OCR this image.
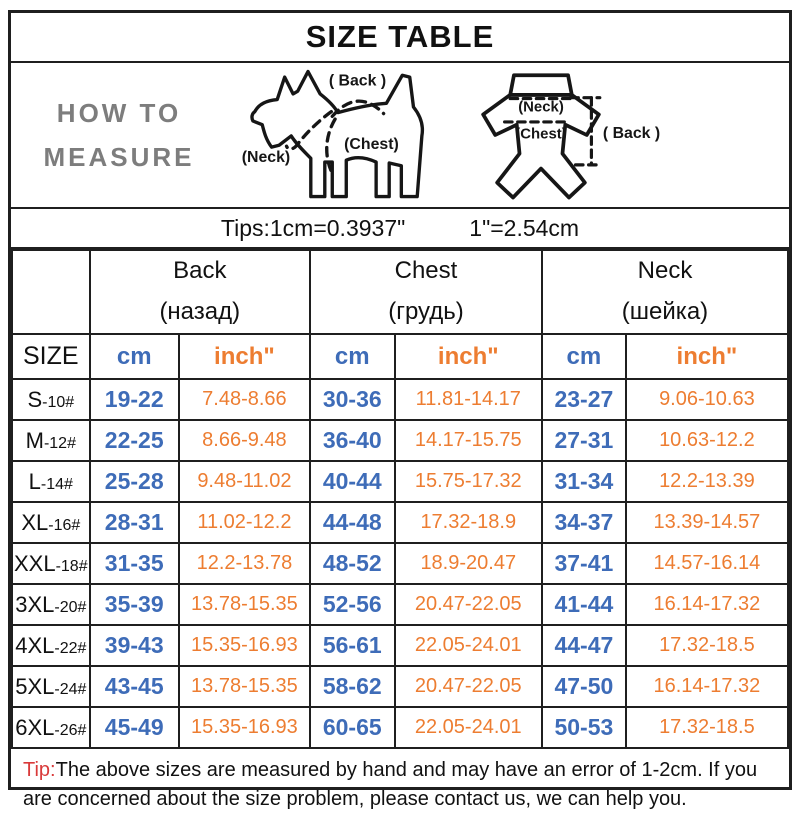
SIZE TABLE
HOW TO
MEASURE
( Back )
(Chest)
(Neck)
(Neck)
(Chest) ( Back )
Tips:1cm=0.3937"	1"=2.54cm

Back
(назад)

Chest
(грудь)

Neck
(шейка)

SIZE	cm	inch"	cm	inch"	cm	inch"
S-10#	19-22	7.48-8.66	30-36	11.81-14.17	23-27	9.06-10.63
M-12#	22-25	8.66-9.48	36-40	14.17-15.75	27-31	10.63-12.2
L-14#	25-28	9.48-11.02	40-44	15.75-17.32	31-34	12.2-13.39
XL-16#	28-31	11.02-12.2	44-48	17.32-18.9	34-37	13.39-14.57
XXL-18#	31-35	12.2-13.78	48-52	18.9-20.47	37-41	14.57-16.14
3XL-20#	35-39	13.78-15.35	52-56	20.47-22.05	41-44	16.14-17.32
4XL-22#	39-43	15.35-16.93	56-61	22.05-24.01	44-47	17.32-18.5
5XL-24#	43-45	13.78-15.35	58-62	20.47-22.05	47-50	16.14-17.32
6XL-26#	45-49	15.35-16.93	60-65	22.05-24.01	50-53	17.32-18.5
Tip:The above sizes are measured by hand and may have an error of 1-2cm. If you are concerned about the size problem, please contact us, we can help you.
